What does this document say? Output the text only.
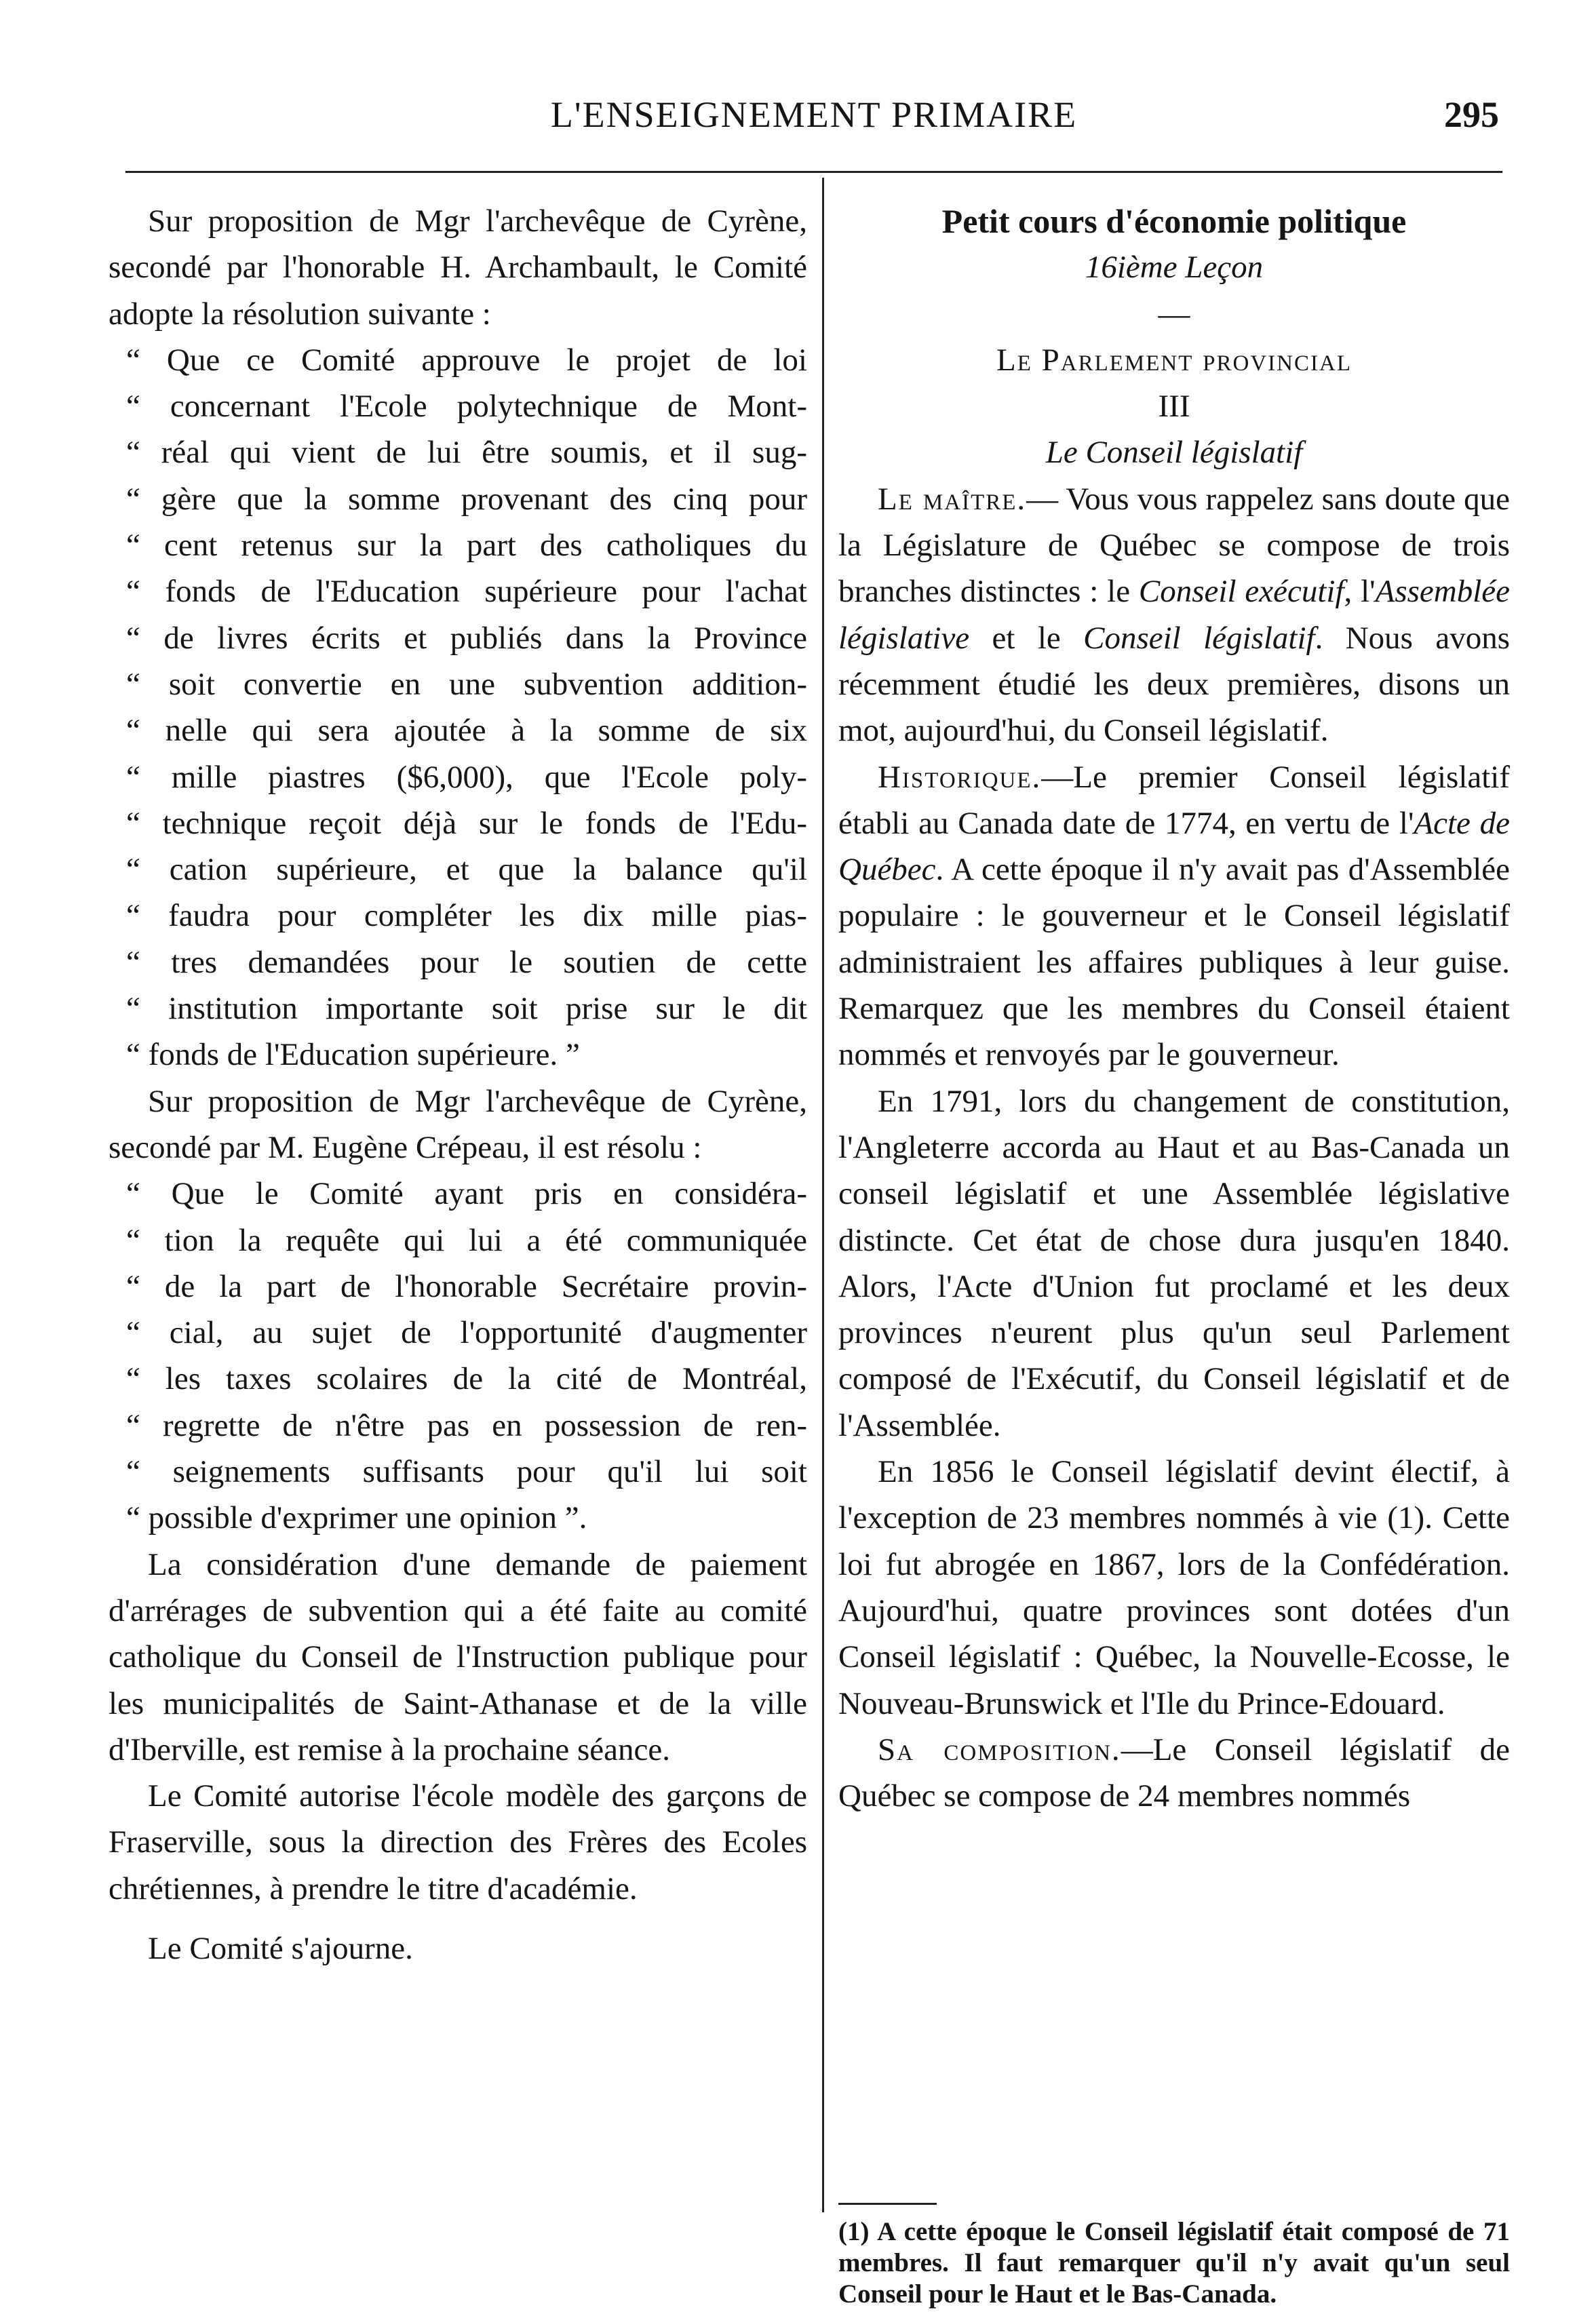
L'ENSEIGNEMENT PRIMAIRE	295

Sur proposition de Mgr l'archevêque de Cyrène, secondé par l'honorable H. Archambault, le Comité adopte la résolution suivante :

“ Que ce Comité approuve le projet de loi
“ concernant l'Ecole polytechnique de Mont-
“ réal qui vient de lui être soumis, et il sug-
“ gère que la somme provenant des cinq pour
“ cent retenus sur la part des catholiques du
“ fonds de l'Education supérieure pour l'achat
“ de livres écrits et publiés dans la Province
“ soit convertie en une subvention addition-
“ nelle qui sera ajoutée à la somme de six
“ mille piastres ($6,000), que l'Ecole poly-
“ technique reçoit déjà sur le fonds de l'Edu-
“ cation supérieure, et que la balance qu'il
“ faudra pour compléter les dix mille pias-
“ tres demandées pour le soutien de cette
“ institution importante soit prise sur le dit
“ fonds de l'Education supérieure. ”

Sur proposition de Mgr l'archevêque de Cyrène, secondé par M. Eugène Crépeau, il est résolu :

“ Que le Comité ayant pris en considéra-
“ tion la requête qui lui a été communiquée
“ de la part de l'honorable Secrétaire provin-
“ cial, au sujet de l'opportunité d'augmenter
“ les taxes scolaires de la cité de Montréal,
“ regrette de n'être pas en possession de ren-
“ seignements suffisants pour qu'il lui soit
“ possible d'exprimer une opinion ”.

La considération d'une demande de paiement d'arrérages de subvention qui a été faite au comité catholique du Conseil de l'Instruction publique pour les municipalités de Saint-Athanase et de la ville d'Iberville, est remise à la prochaine séance.

Le Comité autorise l'école modèle des garçons de Fraserville, sous la direction des Frères des Ecoles chrétiennes, à prendre le titre d'académie.

Le Comité s'ajourne.

Petit cours d'économie politique

16ième Leçon

—

Le Parlement provincial

III

Le Conseil législatif

Le maître.— Vous vous rappelez sans doute que la Législature de Québec se compose de trois branches distinctes : le Conseil exécutif, l'Assemblée législative et le Conseil législatif. Nous avons récemment étudié les deux premières, disons un mot, aujourd'hui, du Conseil législatif.

Historique.—Le premier Conseil législatif établi au Canada date de 1774, en vertu de l'Acte de Québec. A cette époque il n'y avait pas d'Assemblée populaire : le gouverneur et le Conseil législatif administraient les affaires publiques à leur guise. Remarquez que les membres du Conseil étaient nommés et renvoyés par le gouverneur.

En 1791, lors du changement de constitution, l'Angleterre accorda au Haut et au Bas-Canada un conseil législatif et une Assemblée législative distincte. Cet état de chose dura jusqu'en 1840. Alors, l'Acte d'Union fut proclamé et les deux provinces n'eurent plus qu'un seul Parlement composé de l'Exécutif, du Conseil législatif et de l'Assemblée.

En 1856 le Conseil législatif devint électif, à l'exception de 23 membres nommés à vie (1). Cette loi fut abrogée en 1867, lors de la Confédération. Aujourd'hui, quatre provinces sont dotées d'un Conseil législatif : Québec, la Nouvelle-Ecosse, le Nouveau-Brunswick et l'Ile du Prince-Edouard.

Sa composition.—Le Conseil législatif de Québec se compose de 24 membres nommés

(1) A cette époque le Conseil législatif était composé de 71 membres. Il faut remarquer qu'il n'y avait qu'un seul Conseil pour le Haut et le Bas-Canada.
